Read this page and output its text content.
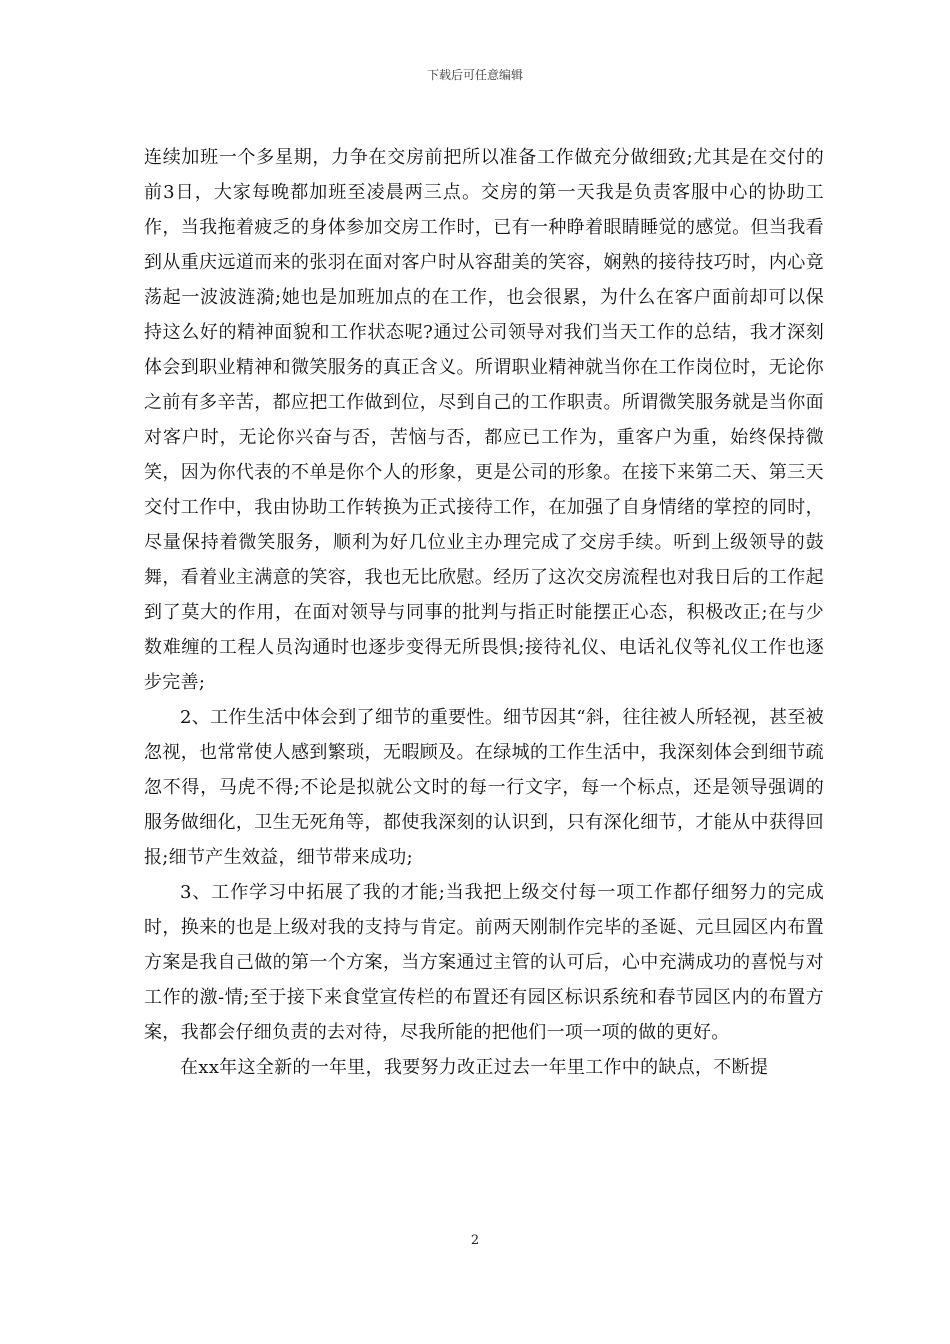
下载后可任意编辑

连续加班一个多星期，力争在交房前把所以准备工作做充分做细致;尤其是在交付的前3日，大家每晚都加班至凌晨两三点。交房的第一天我是负责客服中心的协助工作，当我拖着疲乏的身体参加交房工作时，已有一种睁着眼睛睡觉的感觉。但当我看到从重庆远道而来的张羽在面对客户时从容甜美的笑容，娴熟的接待技巧时，内心竟荡起一波波涟漪;她也是加班加点的在工作，也会很累，为什么在客户面前却可以保持这么好的精神面貌和工作状态呢?通过公司领导对我们当天工作的总结，我才深刻体会到职业精神和微笑服务的真正含义。所谓职业精神就当你在工作岗位时，无论你之前有多辛苦，都应把工作做到位，尽到自己的工作职责。所谓微笑服务就是当你面对客户时，无论你兴奋与否，苦恼与否，都应已工作为，重客户为重，始终保持微笑，因为你代表的不单是你个人的形象，更是公司的形象。在接下来第二天、第三天交付工作中，我由协助工作转换为正式接待工作，在加强了自身情绪的掌控的同时，尽量保持着微笑服务，顺利为好几位业主办理完成了交房手续。听到上级领导的鼓舞，看着业主满意的笑容，我也无比欣慰。经历了这次交房流程也对我日后的工作起到了莫大的作用，在面对领导与同事的批判与指正时能摆正心态，积极改正;在与少数难缠的工程人员沟通时也逐步变得无所畏惧;接待礼仪、电话礼仪等礼仪工作也逐步完善;

2、工作生活中体会到了细节的重要性。细节因其“斜，往往被人所轻视，甚至被忽视，也常常使人感到繁琐，无暇顾及。在绿城的工作生活中，我深刻体会到细节疏忽不得，马虎不得;不论是拟就公文时的每一行文字，每一个标点，还是领导强调的服务做细化，卫生无死角等，都使我深刻的认识到，只有深化细节，才能从中获得回报;细节产生效益，细节带来成功;

3、工作学习中拓展了我的才能;当我把上级交付每一项工作都仔细努力的完成时，换来的也是上级对我的支持与肯定。前两天刚制作完毕的圣诞、元旦园区内布置方案是我自己做的第一个方案，当方案通过主管的认可后，心中充满成功的喜悦与对工作的激-情;至于接下来食堂宣传栏的布置还有园区标识系统和春节园区内的布置方案，我都会仔细负责的去对待，尽我所能的把他们一项一项的做的更好。

在xx年这全新的一年里，我要努力改正过去一年里工作中的缺点，不断提

2
